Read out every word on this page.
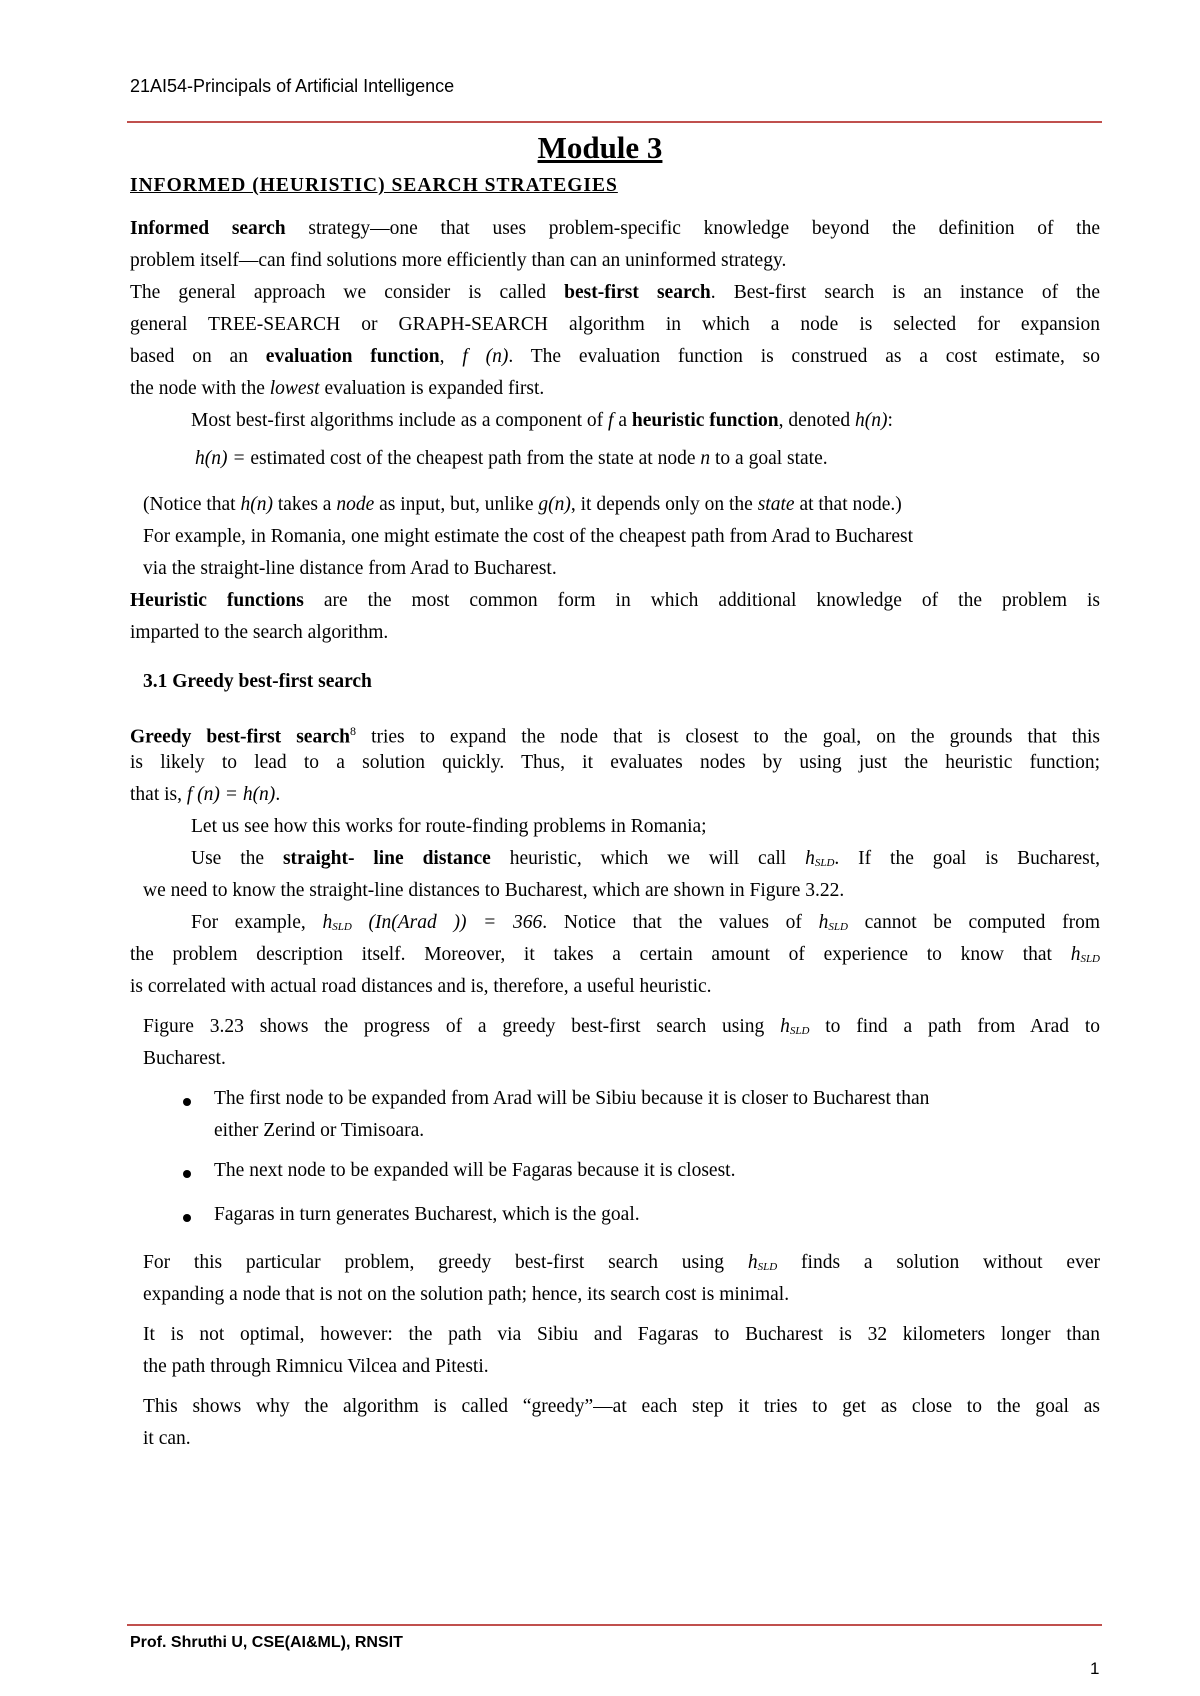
21AI54-Principals of Artificial Intelligence
Module 3
INFORMED (HEURISTIC) SEARCH STRATEGIES
Informed search strategy—one that uses problem-specific knowledge beyond the definition of the
problem itself—can find solutions more efficiently than can an uninformed strategy.
The general approach we consider is called best-first search. Best-first search is an instance of the
general TREE-SEARCH or GRAPH-SEARCH algorithm in which a node is selected for expansion
based on an evaluation function, f (n). The evaluation function is construed as a cost estimate, so
the node with the lowest evaluation is expanded first.
Most best-first algorithms include as a component of f a heuristic function, denoted h(n):
h(n) = estimated cost of the cheapest path from the state at node n to a goal state.
(Notice that h(n) takes a node as input, but, unlike g(n), it depends only on the state at that node.)
For example, in Romania, one might estimate the cost of the cheapest path from Arad to Bucharest
via the straight-line distance from Arad to Bucharest.
Heuristic functions are the most common form in which additional knowledge of the problem is
imparted to the search algorithm.
3.1 Greedy best-first search
Greedy best-first search$^8$ tries to expand the node that is closest to the goal, on the grounds that this
is likely to lead to a solution quickly. Thus, it evaluates nodes by using just the heuristic function;
that is, f (n) = h(n).
Let us see how this works for route-finding problems in Romania;
Use the straight- line distance heuristic, which we will call $h_{SLD}$. If the goal is Bucharest,
we need to know the straight-line distances to Bucharest, which are shown in Figure 3.22.
For example, $h_{SLD}$ (In(Arad )) = 366. Notice that the values of $h_{SLD}$ cannot be computed from
the problem description itself. Moreover, it takes a certain amount of experience to know that $h_{SLD}$
is correlated with actual road distances and is, therefore, a useful heuristic.
Figure 3.23 shows the progress of a greedy best-first search using $h_{SLD}$ to find a path from Arad to
Bucharest.
The first node to be expanded from Arad will be Sibiu because it is closer to Bucharest than
either Zerind or Timisoara.
The next node to be expanded will be Fagaras because it is closest.
Fagaras in turn generates Bucharest, which is the goal.
For this particular problem, greedy best-first search using $h_{SLD}$ finds a solution without ever
expanding a node that is not on the solution path; hence, its search cost is minimal.
It is not optimal, however: the path via Sibiu and Fagaras to Bucharest is 32 kilometers longer than
the path through Rimnicu Vilcea and Pitesti.
This shows why the algorithm is called “greedy”—at each step it tries to get as close to the goal as
it can.
Prof. Shruthi U, CSE(AI&ML), RNSIT
1
